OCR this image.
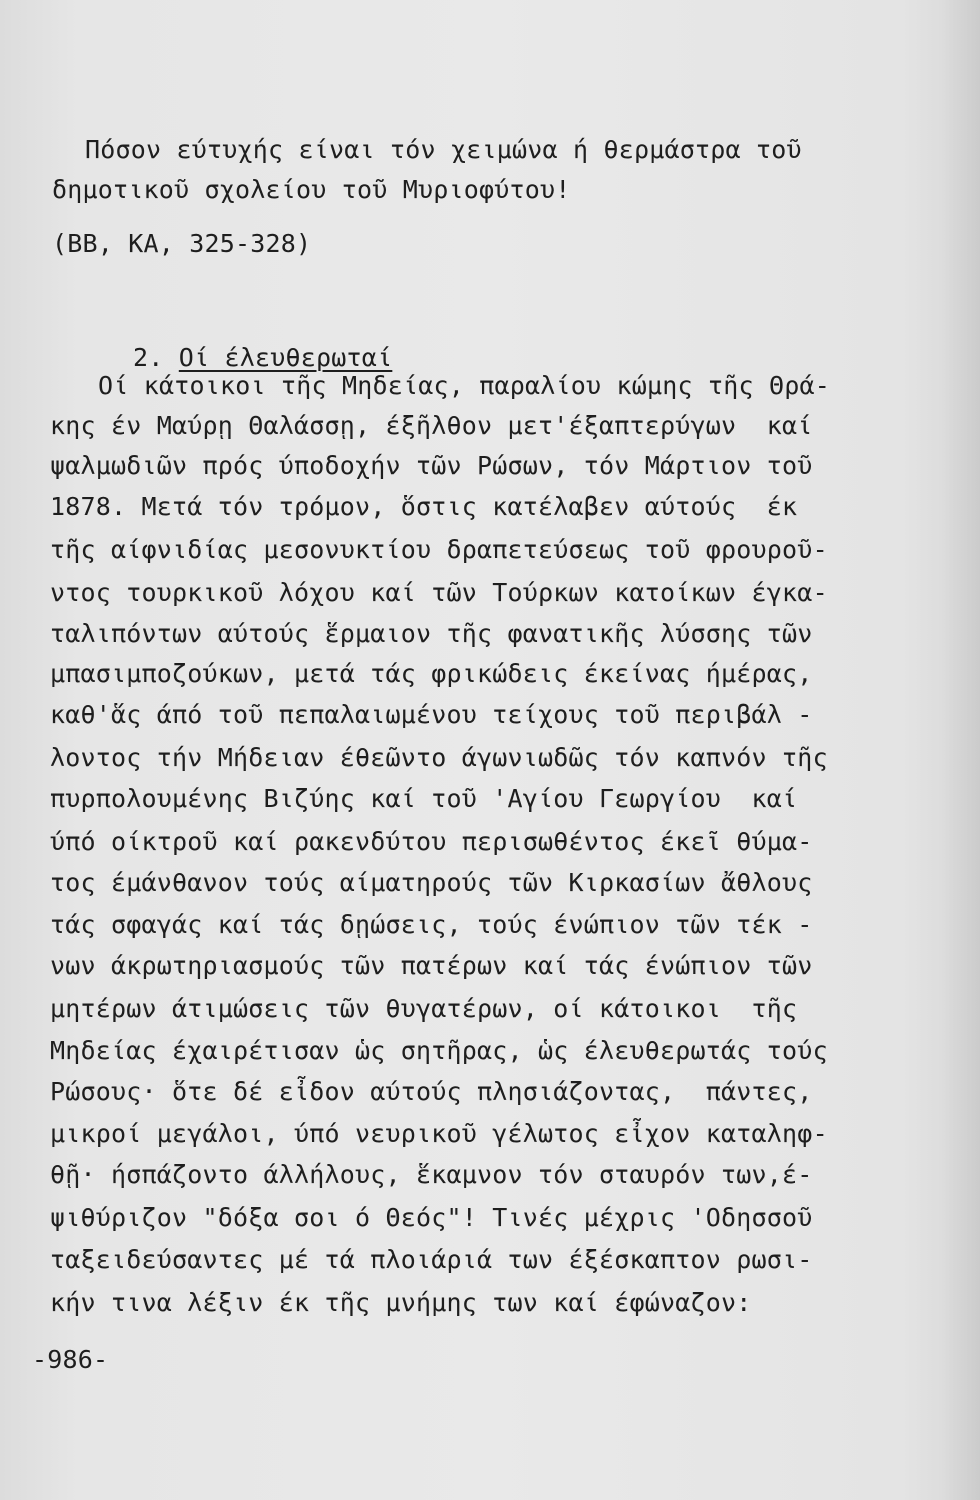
Πόσον εύτυχής είναι τόν χειμώνα ή θερμάστρα τοῦ
δημοτικοῦ σχολείου τοῦ Μυριοφύτου!
(ΒΒ, ΚΑ, 325-328)

2. Οί έλευθερωταί

Οί κάτοικοι τῆς Μηδείας, παραλίου κώμης τῆς Θρά-
κης έν Μαύρῃ Θαλάσσῃ, έξῆλθον μετ'έξαπτερύγων  καί
ψαλμωδιῶν πρός ύποδοχήν τῶν Ρώσων, τόν Μάρτιον τοῦ
1878. Μετά τόν τρόμον, ὅστις κατέλαβεν αύτούς  έκ
τῆς αίφνιδίας μεσονυκτίου δραπετεύσεως τοῦ φρουροῦ-
ντος τουρκικοῦ λόχου καί τῶν Τούρκων κατοίκων έγκα-
ταλιπόντων αύτούς ἕρμαιον τῆς φανατικῆς λύσσης τῶν
μπασιμποζούκων, μετά τάς φρικώδεις έκείνας ήμέρας,
καθ'ἅς άπό τοῦ πεπαλαιωμένου τείχους τοῦ περιβάλ -
λοντος τήν Μήδειαν έθεῶντο άγωνιωδῶς τόν καπνόν τῆς
πυρπολουμένης Βιζύης καί τοῦ 'Αγίου Γεωργίου  καί
ύπό οίκτροῦ καί ρακενδύτου περισωθέντος έκεῖ θύμα-
τος έμάνθανον τούς αίματηρούς τῶν Κιρκασίων ἄθλους
τάς σφαγάς καί τάς δῃώσεις, τούς ένώπιον τῶν τέκ -
νων άκρωτηριασμούς τῶν πατέρων καί τάς ένώπιον τῶν
μητέρων άτιμώσεις τῶν θυγατέρων, οί κάτοικοι  τῆς
Μηδείας έχαιρέτισαν ὡς σητῆρας, ὡς έλευθερωτάς τούς
Ρώσους· ὅτε δέ εἶδον αύτούς πλησιάζοντας,  πάντες,
μικροί μεγάλοι, ύπό νευρικοῦ γέλωτος εἶχον καταληφ-
θῇ· ήσπάζοντο άλλήλους, ἕκαμνον τόν σταυρόν των,έ-
ψιθύριζον "δόξα σοι ό Θεός"! Τινές μέχρις 'Οδησσοῦ
ταξειδεύσαντες μέ τά πλοιάριά των έξέσκαπτον ρωσι-
κήν τινα λέξιν έκ τῆς μνήμης των καί έφώναζον:
-986-
